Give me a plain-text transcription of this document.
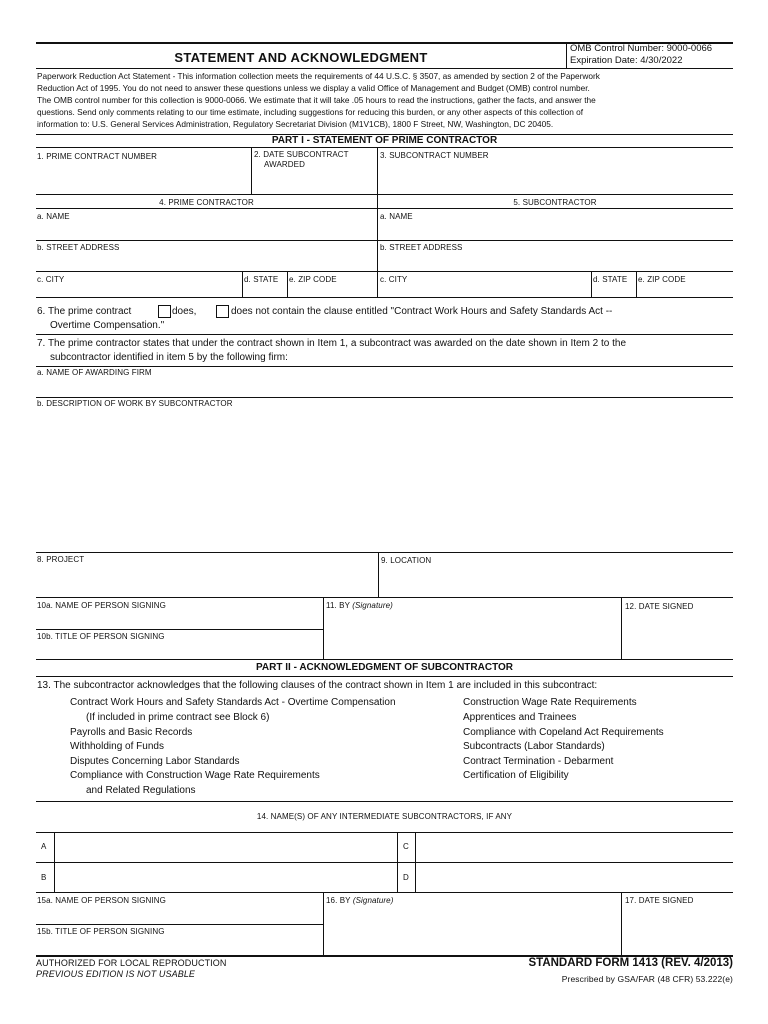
STATEMENT AND ACKNOWLEDGMENT
OMB Control Number: 9000-0066
Expiration Date: 4/30/2022
Paperwork Reduction Act Statement - This information collection meets the requirements of 44 U.S.C. § 3507, as amended by section 2 of the Paperwork
Reduction Act of 1995. You do not need to answer these questions unless we display a valid Office of Management and Budget (OMB) control number.
The OMB control number for this collection is 9000-0066. We estimate that it will take .05 hours to read the instructions, gather the facts, and answer the
questions. Send only comments relating to our time estimate, including suggestions for reducing this burden, or any other aspects of this collection of
information to: U.S. General Services Administration, Regulatory Secretariat Division (M1V1CB), 1800 F Street, NW, Washington, DC 20405.
PART I - STATEMENT OF PRIME CONTRACTOR
1. PRIME CONTRACT NUMBER	2. DATE SUBCONTRACT
AWARDED
3. SUBCONTRACT NUMBER
4. PRIME CONTRACTOR	5. SUBCONTRACTOR
a. NAME	a. NAME
b. STREET ADDRESS	b. STREET ADDRESS
c. CITY	d. STATE e. ZIP CODE	c. CITY	d. STATE e. ZIP CODE
6. The prime contract	does,	does not contain the clause entitled "Contract Work Hours and Safety Standards Act --
Overtime Compensation."
7. The prime contractor states that under the contract shown in Item 1, a subcontract was awarded on the date shown in Item 2 to the
subcontractor identified in item 5 by the following firm:
a. NAME OF AWARDING FIRM
b. DESCRIPTION OF WORK BY SUBCONTRACTOR
8. PROJECT	9. LOCATION
10a. NAME OF PERSON SIGNING	11. BY (Signature)	12. DATE SIGNED
10b. TITLE OF PERSON SIGNING
PART II - ACKNOWLEDGMENT OF SUBCONTRACTOR
13. The subcontractor acknowledges that the following clauses of the contract shown in Item 1 are included in this subcontract:
Contract Work Hours and Safety Standards Act - Overtime Compensation
(If included in prime contract see Block 6)
Payrolls and Basic Records
Withholding of Funds
Disputes Concerning Labor Standards
Compliance with Construction Wage Rate Requirements
and Related Regulations
Construction Wage Rate Requirements
Apprentices and Trainees
Compliance with Copeland Act Requirements
Subcontracts (Labor Standards)
Contract Termination - Debarment
Certification of Eligibility
14. NAME(S) OF ANY INTERMEDIATE SUBCONTRACTORS, IF ANY
A	C
B	D
15a. NAME OF PERSON SIGNING	16. BY (Signature)	17. DATE SIGNED
15b. TITLE OF PERSON SIGNING
AUTHORIZED FOR LOCAL REPRODUCTION
PREVIOUS EDITION IS NOT USABLE
STANDARD FORM 1413 (REV. 4/2013)
Prescribed by GSA/FAR (48 CFR) 53.222(e)
